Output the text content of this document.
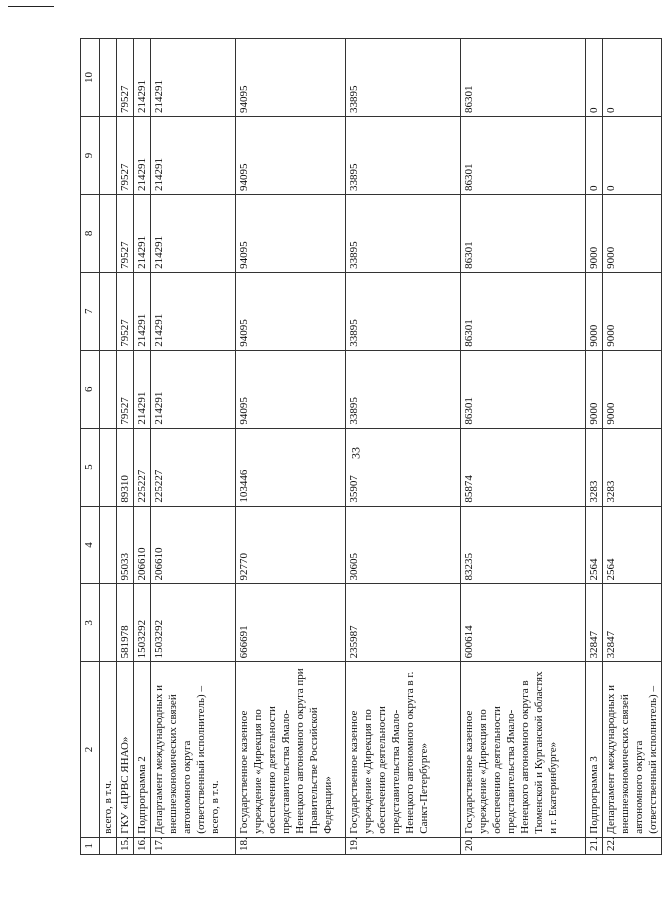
33
1	2	3	4	5	6	7	8	9	10
	всего, в т.ч.								
15.	ГКУ «ЦРВС ЯНАО»	581978	95033	89310	79527	79527	79527	79527	79527
16.	Подпрограмма 2	1503292	206610	225227	214291	214291	214291	214291	214291
17.	Департамент международных и внешнеэкономических связей автономного округа (ответственный исполнитель) – всего, в т.ч.	1503292	206610	225227	214291	214291	214291	214291	214291
18.	Государственное казенное учреждение «Дирекция по обеспечению деятельности представительства Ямало-Ненецкого автономного округа при Правительстве Российской Федерации»	666691	92770	103446	94095	94095	94095	94095	94095
19.	Государственное казенное учреждение «Дирекция по обеспечению деятельности представительства Ямало-Ненецкого автономного округа в г. Санкт-Петербурге»	235987	30605	35907	33895	33895	33895	33895	33895
20.	Государственное казенное учреждение «Дирекция по обеспечению деятельности представительства Ямало-Ненецкого автономного округа в Тюменской и Курганской областях и г. Екатеринбурге»	600614	83235	85874	86301	86301	86301	86301	86301
21.	Подпрограмма 3	32847	2564	3283	9000	9000	9000	0	0
22.	Департамент международных и внешнеэкономических связей автономного округа (ответственный исполнитель) –	32847	2564	3283	9000	9000	9000	0	0
